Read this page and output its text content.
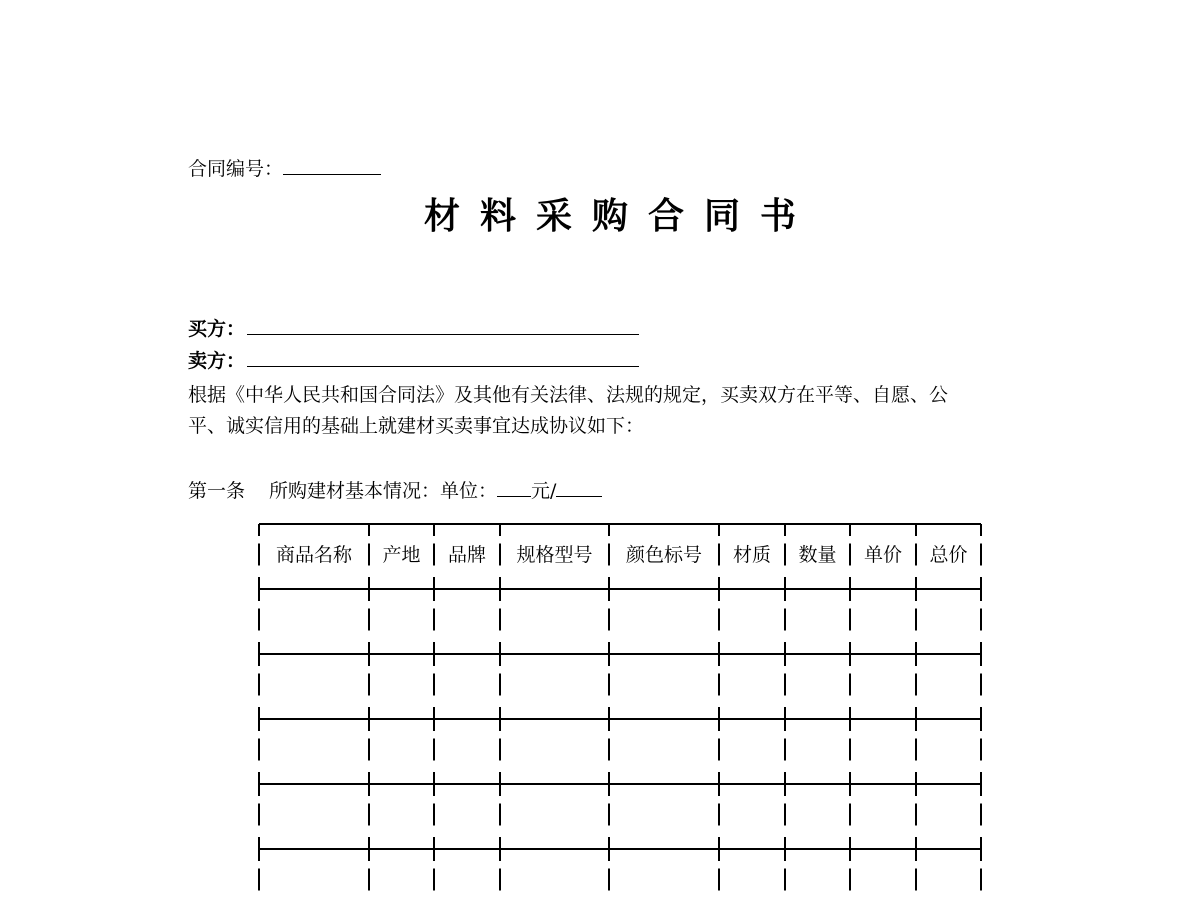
合同编号：
材料采购合同书
买方：
卖方：

根据《中华人民共和国合同法》及其他有关法律、法规的规定，买卖双方在平等、自愿、公

平、诚实信用的基础上就建材买卖事宜达成协议如下：

第一条 所购建材基本情况：单位： 元/
商品名称	产地	品牌	规格型号	颜色标号	材质	数量	单价	总价
